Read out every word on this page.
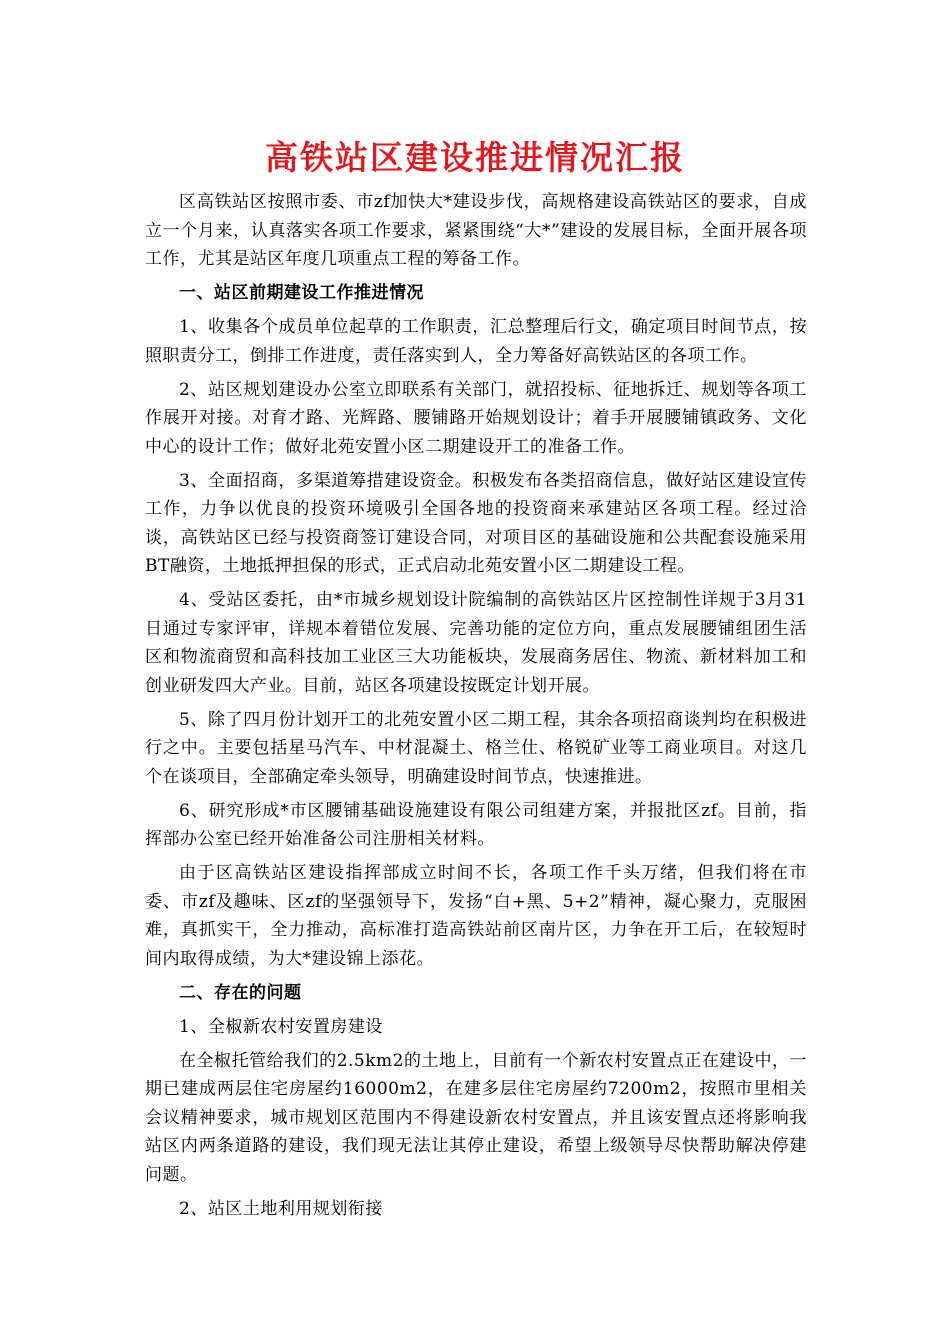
高铁站区建设推进情况汇报

区高铁站区按照市委、市zf加快大*建设步伐，高规格建设高铁站区的要求，自成立一个月来，认真落实各项工作要求，紧紧围绕“大*”建设的发展目标，全面开展各项工作，尤其是站区年度几项重点工程的筹备工作。

一、站区前期建设工作推进情况

1、收集各个成员单位起草的工作职责，汇总整理后行文，确定项目时间节点，按照职责分工，倒排工作进度，责任落实到人，全力筹备好高铁站区的各项工作。

2、站区规划建设办公室立即联系有关部门，就招投标、征地拆迁、规划等各项工作展开对接。对育才路、光辉路、腰铺路开始规划设计；着手开展腰铺镇政务、文化中心的设计工作；做好北苑安置小区二期建设开工的准备工作。

3、全面招商，多渠道筹措建设资金。积极发布各类招商信息，做好站区建设宣传工作，力争以优良的投资环境吸引全国各地的投资商来承建站区各项工程。经过洽谈，高铁站区已经与投资商签订建设合同，对项目区的基础设施和公共配套设施采用BT融资，土地抵押担保的形式，正式启动北苑安置小区二期建设工程。

4、受站区委托，由*市城乡规划设计院编制的高铁站区片区控制性详规于3月31日通过专家评审，详规本着错位发展、完善功能的定位方向，重点发展腰铺组团生活区和物流商贸和高科技加工业区三大功能板块，发展商务居住、物流、新材料加工和创业研发四大产业。目前，站区各项建设按既定计划开展。

5、除了四月份计划开工的北苑安置小区二期工程，其余各项招商谈判均在积极进行之中。主要包括星马汽车、中材混凝土、格兰仕、格锐矿业等工商业项目。对这几个在谈项目，全部确定牵头领导，明确建设时间节点，快速推进。

6、研究形成*市区腰铺基础设施建设有限公司组建方案，并报批区zf。目前，指挥部办公室已经开始准备公司注册相关材料。

由于区高铁站区建设指挥部成立时间不长，各项工作千头万绪，但我们将在市委、市zf及趣味、区zf的坚强领导下，发扬“白+黑、5+2”精神，凝心聚力，克服困难，真抓实干，全力推动，高标准打造高铁站前区南片区，力争在开工后，在较短时间内取得成绩，为大*建设锦上添花。

二、存在的问题

1、全椒新农村安置房建设

在全椒托管给我们的2.5km2的土地上，目前有一个新农村安置点正在建设中，一期已建成两层住宅房屋约16000m2，在建多层住宅房屋约7200m2，按照市里相关会议精神要求，城市规划区范围内不得建设新农村安置点，并且该安置点还将影响我站区内两条道路的建设，我们现无法让其停止建设，希望上级领导尽快帮助解决停建问题。

2、站区土地利用规划衔接
